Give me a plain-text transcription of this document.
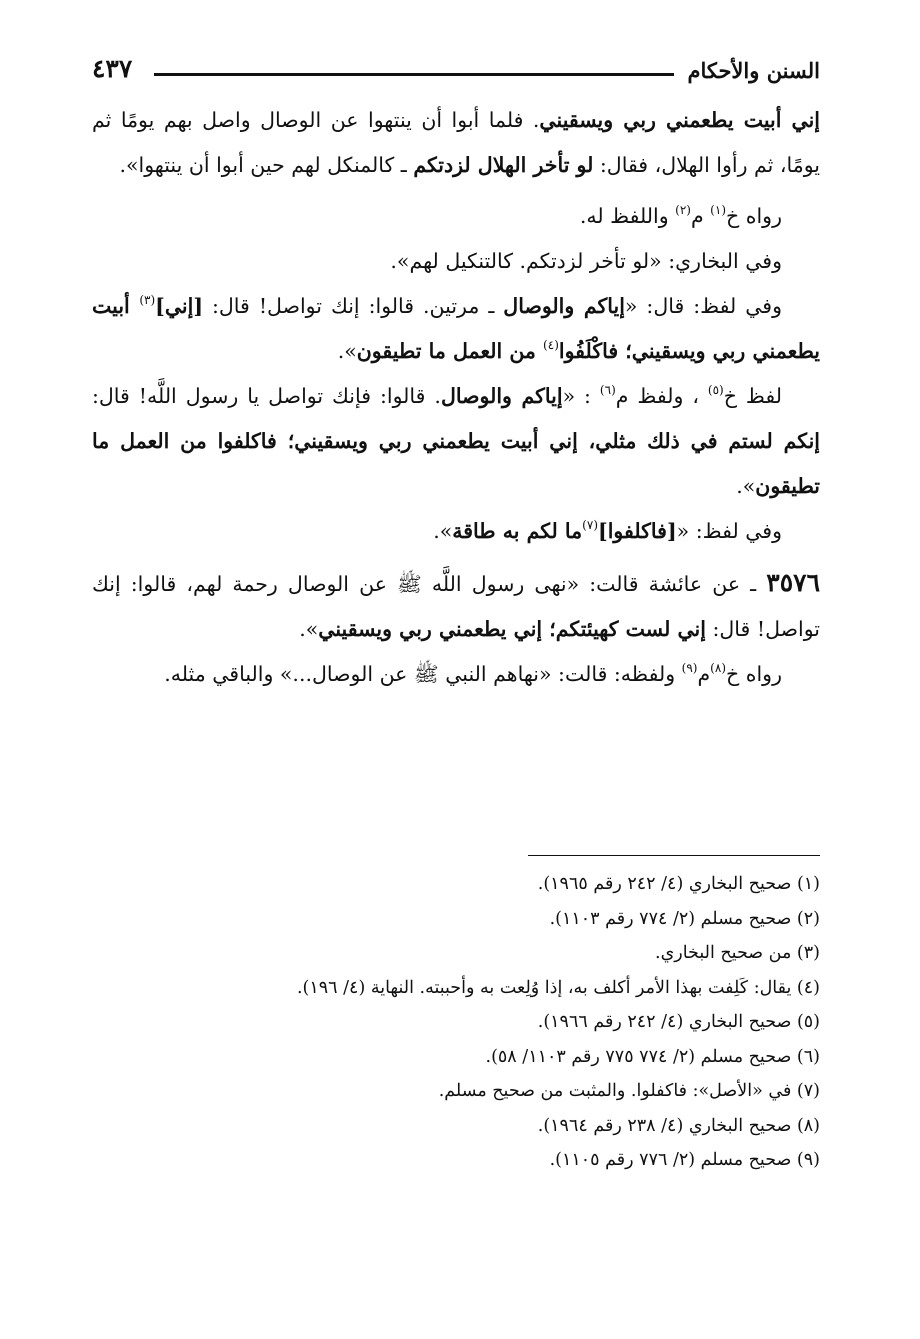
السنن والأحكام
٤٣٧

إني أبيت يطعمني ربي ويسقيني. فلما أبوا أن ينتهوا عن الوصال واصل بهم يومًا ثم يومًا، ثم رأوا الهلال، فقال: لو تأخر الهلال لزدتكم ـ كالمنكل لهم حين أبوا أن ينتهوا».

رواه خ$^{(١)}$ م$^{(٢)}$ واللفظ له.

وفي البخاري: «لو تأخر لزدتكم. كالتنكيل لهم».

وفي لفظ: قال: «إياكم والوصال ـ مرتين. قالوا: إنك تواصل! قال: [إني]$^{(٣)}$ أبيت يطعمني ربي ويسقيني؛ فاكْلَفُوا$^{(٤)}$ من العمل ما تطيقون».

لفظ خ$^{(٥)}$ ، ولفظ م$^{(٦)}$ : «إياكم والوصال. قالوا: فإنك تواصل يا رسول اللَّه! قال: إنكم لستم في ذلك مثلي، إني أبيت يطعمني ربي ويسقيني؛ فاكلفوا من العمل ما تطيقون».

وفي لفظ: «[فاكلفوا]$^{(٧)}$ما لكم به طاقة».

٣٥٧٦ ـ عن عائشة قالت: «نهى رسول اللَّه ﷺ عن الوصال رحمة لهم، قالوا: إنك تواصل! قال: إني لست كهيئتكم؛ إني يطعمني ربي ويسقيني».

رواه خ$^{(٨)}$م$^{(٩)}$ ولفظه: قالت: «نهاهم النبي ﷺ عن الوصال...» والباقي مثله.

(١) صحيح البخاري (٤/ ٢٤٢ رقم ١٩٦٥).
(٢) صحيح مسلم (٢/ ٧٧٤ رقم ١١٠٣).
(٣) من صحيح البخاري.
(٤) يقال: كَلِفت بهذا الأمر أكلف به، إذا وُلِعت به وأحببته. النهاية (٤/ ١٩٦).
(٥) صحيح البخاري (٤/ ٢٤٢ رقم ١٩٦٦).
(٦) صحيح مسلم (٢/ ٧٧٤ ٧٧٥ رقم ١١٠٣/ ٥٨).
(٧) في «الأصل»: فاكفلوا. والمثبت من صحيح مسلم.
(٨) صحيح البخاري (٤/ ٢٣٨ رقم ١٩٦٤).
(٩) صحيح مسلم (٢/ ٧٧٦ رقم ١١٠٥).
